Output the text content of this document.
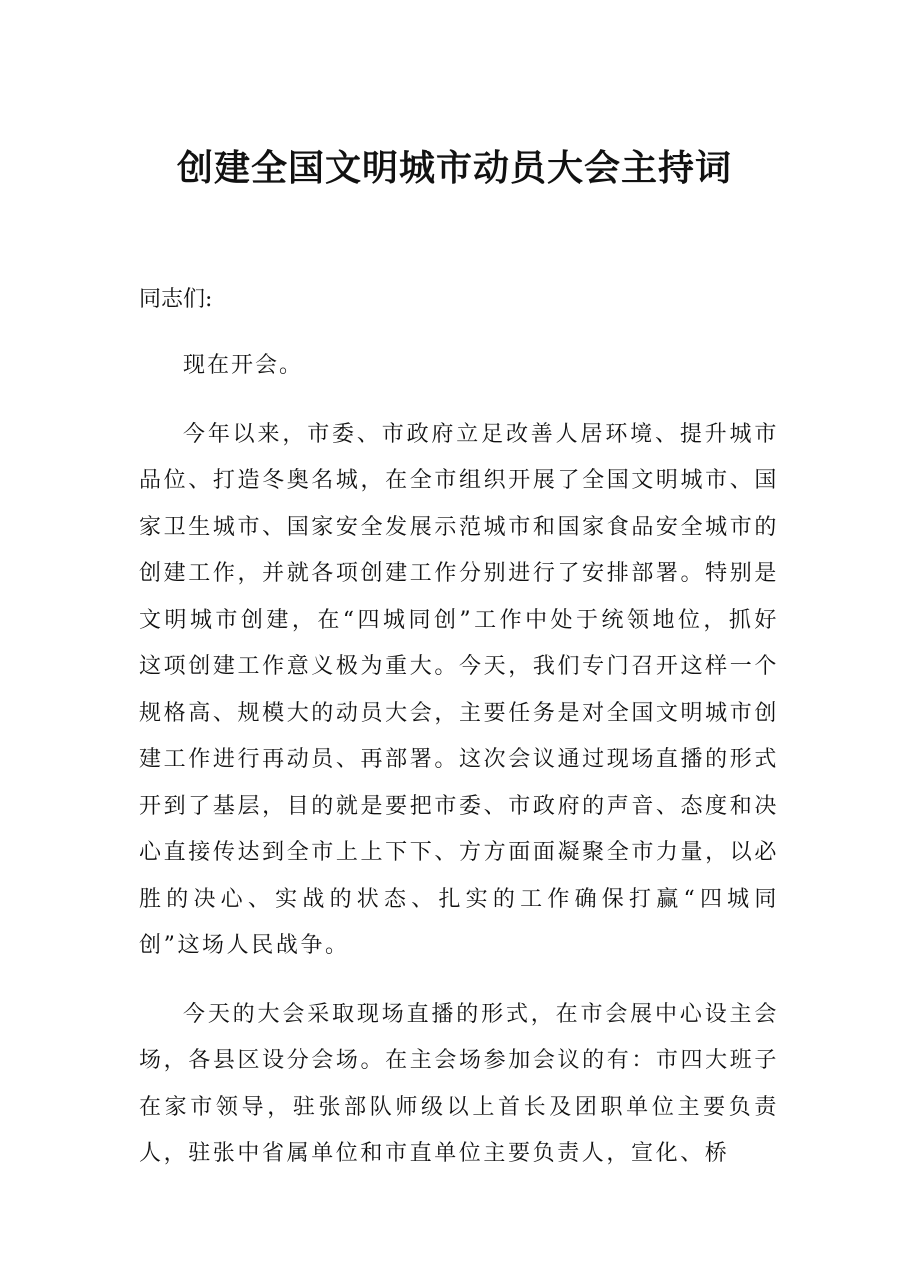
创建全国文明城市动员大会主持词

同志们:

现在开会。

今年以来，市委、市政府立足改善人居环境、提升城市品位、打造冬奥名城，在全市组织开展了全国文明城市、国家卫生城市、国家安全发展示范城市和国家食品安全城市的创建工作，并就各项创建工作分别进行了安排部署。特别是文明城市创建，在“四城同创”工作中处于统领地位，抓好这项创建工作意义极为重大。今天，我们专门召开这样一个规格高、规模大的动员大会，主要任务是对全国文明城市创建工作进行再动员、再部署。这次会议通过现场直播的形式开到了基层，目的就是要把市委、市政府的声音、态度和决心直接传达到全市上上下下、方方面面凝聚全市力量，以必胜的决心、实战的状态、扎实的工作确保打赢“四城同创”这场人民战争。

今天的大会采取现场直播的形式，在市会展中心设主会场，各县区设分会场。在主会场参加会议的有：市四大班子在家市领导，驻张部队师级以上首长及团职单位主要负责人，驻张中省属单位和市直单位主要负责人，宣化、桥
